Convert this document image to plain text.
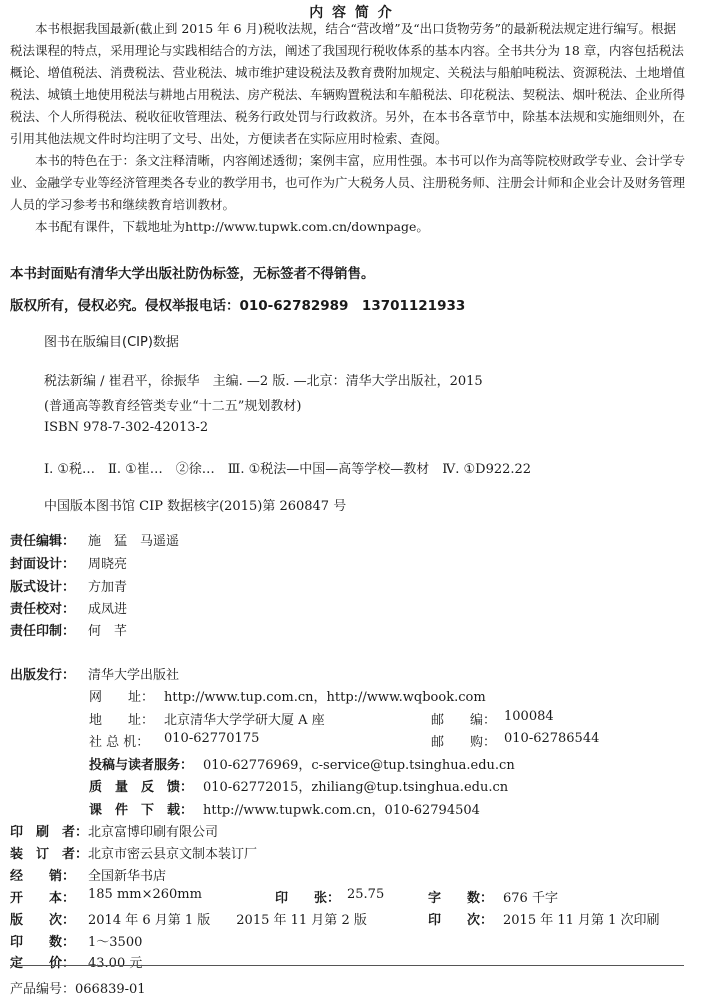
内 容 简 介

本书根据我国最新(截止到 2015 年 6 月)税收法规，结合“营改增”及“出口货物劳务”的最新税法规定进行编写。根据税法课程的特点，采用理论与实践相结合的方法，阐述了我国现行税收体系的基本内容。全书共分为 18 章，内容包括税法概论、增值税法、消费税法、营业税法、城市维护建设税法及教育费附加规定、关税法与船舶吨税法、资源税法、土地增值税法、城镇土地使用税法与耕地占用税法、房产税法、车辆购置税法和车船税法、印花税法、契税法、烟叶税法、企业所得税法、个人所得税法、税收征收管理法、税务行政处罚与行政救济。另外，在本书各章节中，除基本法规和实施细则外，在引用其他法规文件时均注明了文号、出处，方便读者在实际应用时检索、查阅。

本书的特色在于：条文注释清晰，内容阐述透彻；案例丰富，应用性强。本书可以作为高等院校财政学专业、会计学专业、金融学专业等经济管理类各专业的教学用书，也可作为广大税务人员、注册税务师、注册会计师和企业会计及财务管理人员的学习参考书和继续教育培训教材。

本书配有课件，下载地址为http://www.tupwk.com.cn/downpage。

本书封面贴有清华大学出版社防伪标签，无标签者不得销售。
版权所有，侵权必究。侵权举报电话：010-62782989　13701121933
图书在版编目(CIP)数据
税法新编 / 崔君平，徐振华　主编. —2 版. —北京：清华大学出版社，2015
(普通高等教育经管类专业“十二五”规划教材)
ISBN 978-7-302-42013-2
Ⅰ. ①税…　Ⅱ. ①崔…　②徐…　Ⅲ. ①税法—中国—高等学校—教材　Ⅳ. ①D922.22
中国版本图书馆 CIP 数据核字(2015)第 260847 号
责任编辑： 施　猛　马遥遥
封面设计： 周晓亮
版式设计： 方加青
责任校对： 成凤进
责任印制： 何　芊
出版发行： 清华大学出版社
网　　址： http://www.tup.com.cn，http://www.wqbook.com
地　　址： 北京清华大学学研大厦 A 座	邮　　编： 100084
社 总 机： 010-62770175	邮　　购： 010-62786544
投稿与读者服务： 010-62776969，c-service@tup.tsinghua.edu.cn
质　量　反　馈： 010-62772015，zhiliang@tup.tsinghua.edu.cn
课　件　下　载： http://www.tupwk.com.cn，010-62794504
印　刷　者： 北京富博印刷有限公司
装　订　者： 北京市密云县京文制本装订厂
经　　销： 全国新华书店
开　　本： 185 mm×260mm	印　　张： 25.75	字　　数： 676 千字
版　　次： 2014 年 6 月第 1 版　　2015 年 11 月第 2 版	印　　次： 2015 年 11 月第 1 次印刷
印　　数： 1～3500
定　　价： 43.00 元
产品编号：066839-01
